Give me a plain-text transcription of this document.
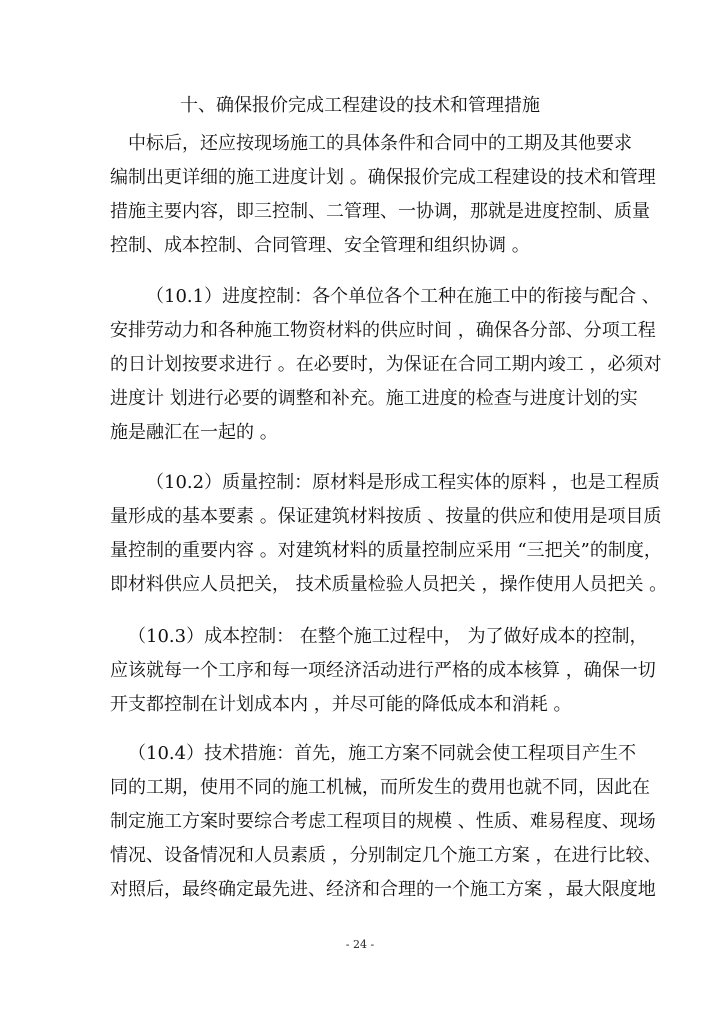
十、确保报价完成工程建设的技术和管理措施
中标后，还应按现场施工的具体条件和合同中的工期及其他要求
编制出更详细的施工进度计划 。确保报价完成工程建设的技术和管理
措施主要内容，即三控制、二管理、一协调，那就是进度控制、质量
控制、成本控制、合同管理、安全管理和组织协调 。
（10.1）进度控制：各个单位各个工种在施工中的衔接与配合 、
安排劳动力和各种施工物资材料的供应时间 ，确保各分部、分项工程
的日计划按要求进行 。在必要时，为保证在合同工期内竣工 ，必须对
进度计 划进行必要的调整和补充。施工进度的检查与进度计划的实
施是融汇在一起的 。
（10.2）质量控制：原材料是形成工程实体的原料 ，也是工程质
量形成的基本要素 。保证建筑材料按质 、按量的供应和使用是项目质
量控制的重要内容 。对建筑材料的质量控制应采用 “三把关”的制度，
即材料供应人员把关， 技术质量检验人员把关 ，操作使用人员把关 。
（10.3）成本控制： 在整个施工过程中， 为了做好成本的控制，
应该就每一个工序和每一项经济活动进行严格的成本核算 ，确保一切
开支都控制在计划成本内 ，并尽可能的降低成本和消耗 。
（10.4）技术措施：首先，施工方案不同就会使工程项目产生不
同的工期，使用不同的施工机械，而所发生的费用也就不同，因此在
制定施工方案时要综合考虑工程项目的规模 、性质、难易程度、现场
情况、设备情况和人员素质 ，分别制定几个施工方案 ，在进行比较、
对照后，最终确定最先进、经济和合理的一个施工方案 ，最大限度地
- 24 -
